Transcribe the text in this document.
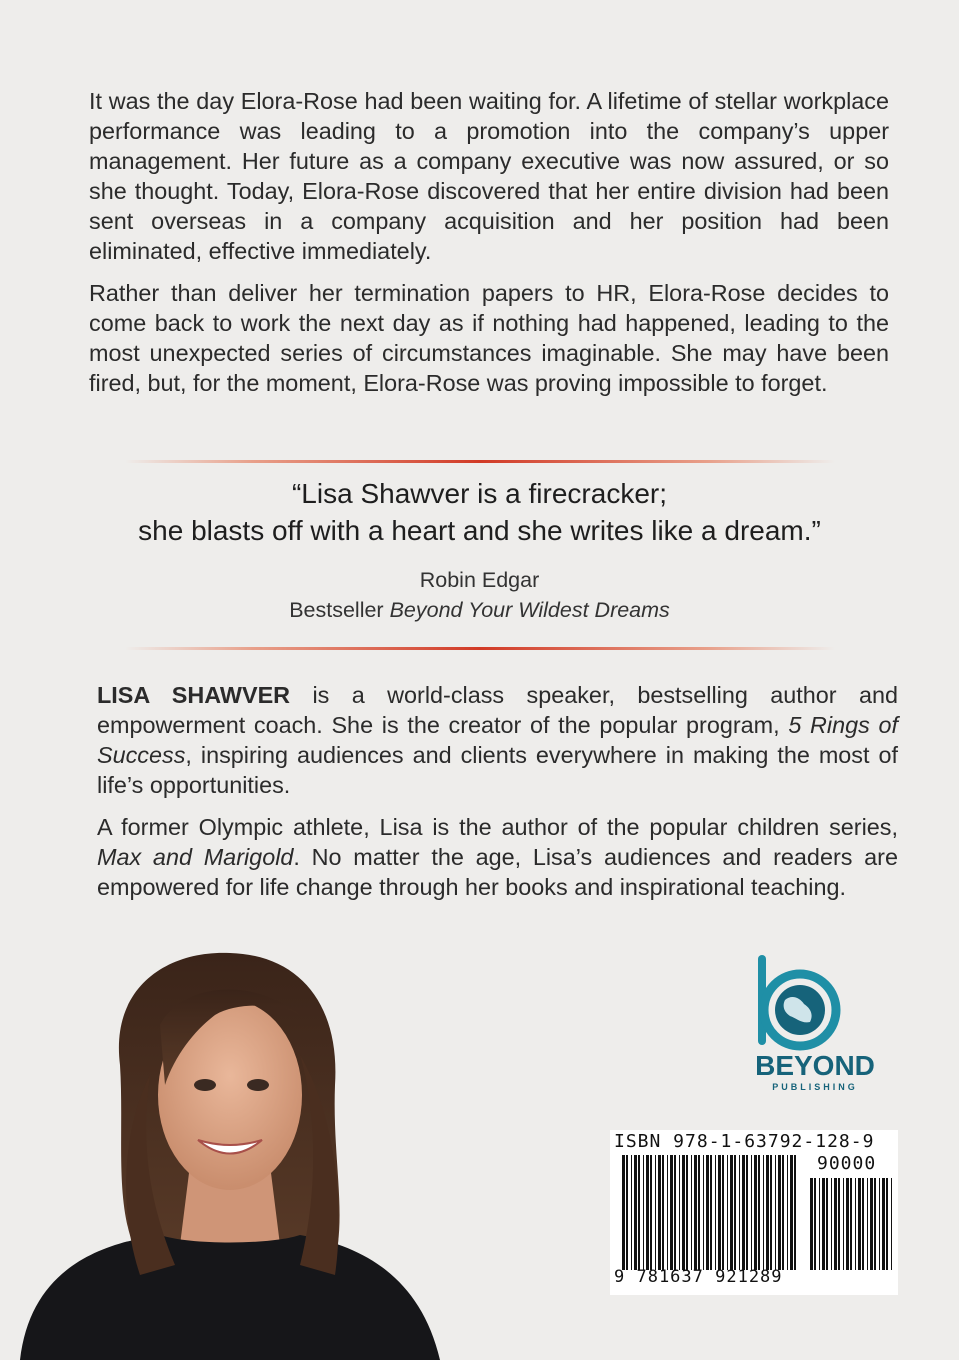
It was the day Elora-Rose had been waiting for. A lifetime of stellar workplace performance was leading to a promotion into the company’s upper management. Her future as a company executive was now assured, or so she thought. Today, Elora-Rose discovered that her entire division had been sent overseas in a company acquisition and her position had been eliminated, effective immediately.

Rather than deliver her termination papers to HR, Elora-Rose decides to come back to work the next day as if nothing had happened, leading to the most unexpected series of circumstances imaginable. She may have been fired, but, for the moment, Elora-Rose was proving impossible to forget.

“Lisa Shawver is a firecracker;
she blasts off with a heart and she writes like a dream.”
Robin Edgar
Bestseller Beyond Your Wildest Dreams

LISA SHAWVER is a world-class speaker, bestselling author and empowerment coach. She is the creator of the popular program, 5 Rings of Success, inspiring audiences and clients everywhere in making the most of life’s opportunities.

A former Olympic athlete, Lisa is the author of the popular children series, Max and Marigold. No matter the age, Lisa’s audiences and readers are empowered for life change through her books and inspirational teaching.

BEYOND
PUBLISHING
ISBN 978-1-63792-128-9
90000
9 781637 921289
